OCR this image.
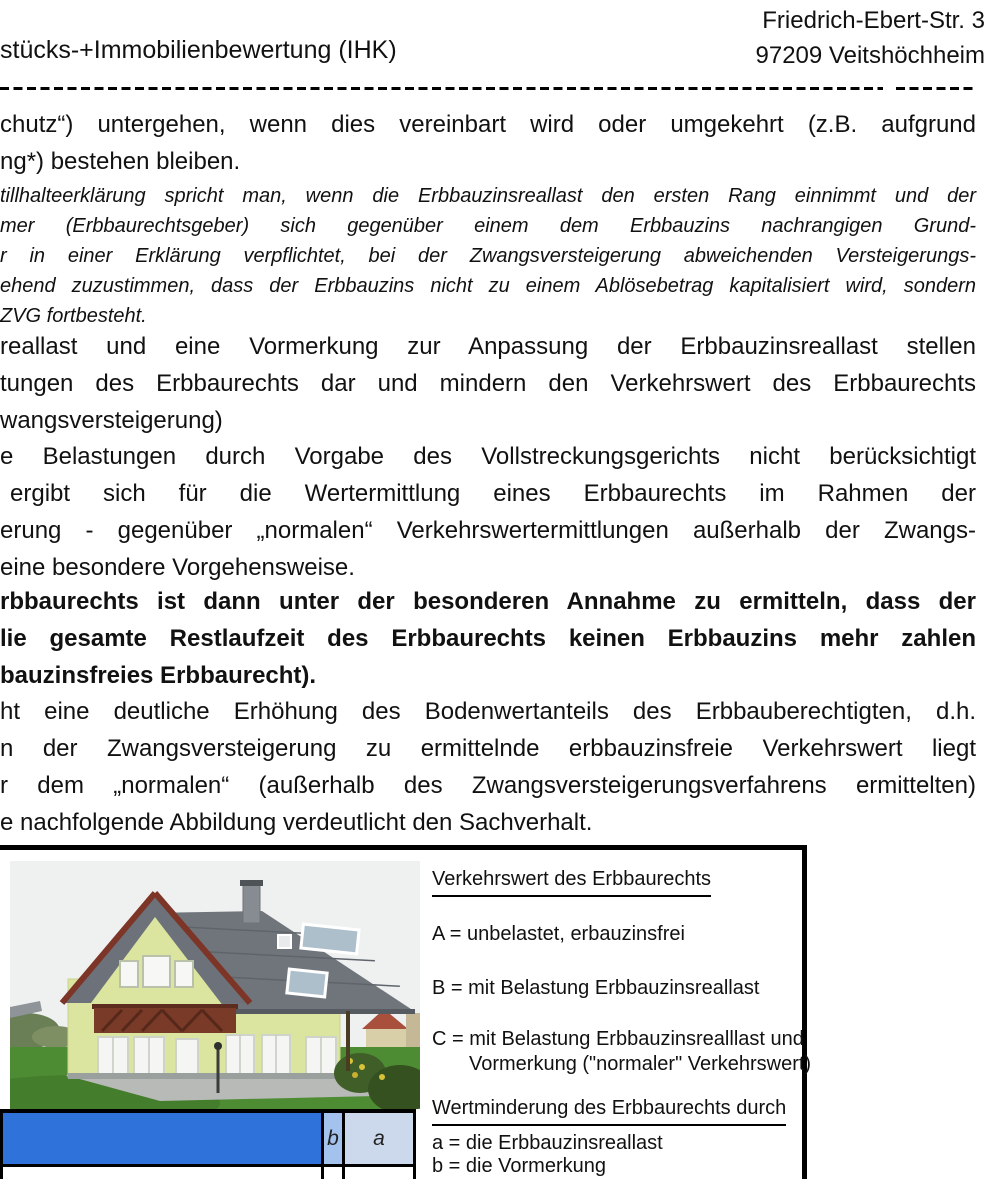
stücks-+Immobilienbewertung (IHK)
Friedrich-Ebert-Str. 3
97209 Veitshöchheim
chutz“) untergehen, wenn dies vereinbart wird oder umgekehrt (z.B. aufgrund
ng*) bestehen bleiben.
tillhalteerklärung spricht man, wenn die Erbbauzinsreallast den ersten Rang einnimmt und der
mer (Erbbaurechtsgeber) sich gegenüber einem dem Erbbauzins nachrangigen Grund-
r in einer Erklärung verpflichtet, bei der Zwangsversteigerung abweichenden Versteigerungs-
ehend zuzustimmen, dass der Erbbauzins nicht zu einem Ablösebetrag kapitalisiert wird, sondern
ZVG fortbesteht.
reallast und eine Vormerkung zur Anpassung der Erbbauzinsreallast stellen
tungen des Erbbaurechts dar und mindern den Verkehrswert des Erbbaurechts
wangsversteigerung)
e Belastungen durch Vorgabe des Vollstreckungsgerichts nicht berücksichtigt
ergibt sich für die Wertermittlung eines Erbbaurechts im Rahmen der
erung - gegenüber „normalen“ Verkehrswertermittlungen außerhalb der Zwangs-
eine besondere Vorgehensweise.
rbbaurechts ist dann unter der besonderen Annahme zu ermitteln, dass der
lie gesamte Restlaufzeit des Erbbaurechts keinen Erbbauzins mehr zahlen
bauzinsfreies Erbbaurecht).
ht eine deutliche Erhöhung des Bodenwertanteils des Erbbauberechtigten, d.h.
n der Zwangsversteigerung zu ermittelnde erbbauzinsfreie Verkehrswert liegt
r dem „normalen“ (außerhalb des Zwangsversteigerungsverfahrens ermittelten)
e nachfolgende Abbildung verdeutlicht den Sachverhalt.
Verkehrswert des Erbbaurechts
A = unbelastet, erbauzinsfrei
B = mit Belastung Erbbauzinsreallast
C = mit Belastung Erbbauzinsrealllast und
Vormerkung ("normaler" Verkehrswert)
Wertminderung des Erbbaurechts durch
a = die Erbbauzinsreallast
b = die Vormerkung
b a
